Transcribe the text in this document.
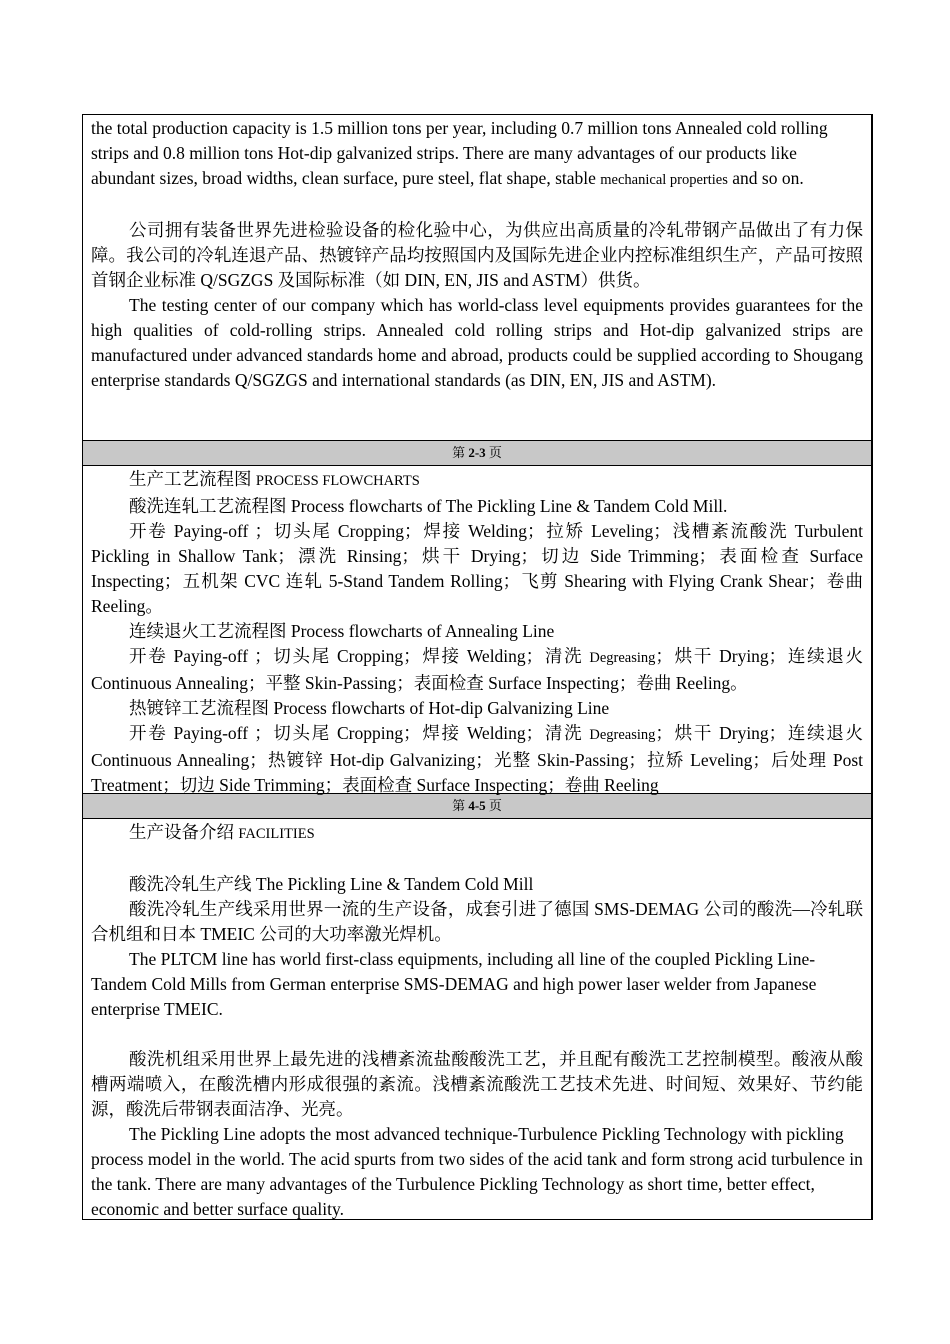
the total production capacity is 1.5 million tons per year, including 0.7 million tons Annealed cold rolling strips and 0.8 million tons Hot-dip galvanized strips. There are many advantages of our products like abundant sizes, broad widths, clean surface, pure steel, flat shape, stable mechanical properties and so on.

公司拥有装备世界先进检验设备的检化验中心，为供应出高质量的冷轧带钢产品做出了有力保障。我公司的冷轧连退产品、热镀锌产品均按照国内及国际先进企业内控标准组织生产，产品可按照首钢企业标准 Q/SGZGS 及国际标准（如 DIN, EN, JIS and ASTM）供货。

The testing center of our company which has world-class level equipments provides guarantees for the high qualities of cold-rolling strips. Annealed cold rolling strips and Hot-dip galvanized strips are manufactured under advanced standards home and abroad, products could be supplied according to Shougang enterprise standards Q/SGZGS and international standards (as DIN, EN, JIS and ASTM).

第 2-3 页

生产工艺流程图 PROCESS FLOWCHARTS

酸洗连轧工艺流程图 Process flowcharts of The Pickling Line & Tandem Cold Mill.

开卷 Paying-off ；切头尾 Cropping；焊接 Welding；拉矫 Leveling；浅槽紊流酸洗 Turbulent Pickling in Shallow Tank；漂洗 Rinsing；烘干 Drying；切边 Side Trimming；表面检查 Surface Inspecting；五机架 CVC 连轧 5-Stand Tandem Rolling；飞剪 Shearing with Flying Crank Shear；卷曲 Reeling。

连续退火工艺流程图 Process flowcharts of Annealing Line

开卷 Paying-off ；切头尾 Cropping；焊接 Welding；清洗 Degreasing；烘干 Drying；连续退火 Continuous Annealing；平整 Skin-Passing；表面检查 Surface Inspecting；卷曲 Reeling。

热镀锌工艺流程图 Process flowcharts of Hot-dip Galvanizing Line

开卷 Paying-off ；切头尾 Cropping；焊接 Welding；清洗 Degreasing；烘干 Drying；连续退火 Continuous Annealing；热镀锌 Hot-dip Galvanizing；光整 Skin-Passing；拉矫 Leveling；后处理 Post Treatment；切边 Side Trimming；表面检查 Surface Inspecting；卷曲 Reeling

第 4-5 页

生产设备介绍 FACILITIES

酸洗冷轧生产线 The Pickling Line & Tandem Cold Mill

酸洗冷轧生产线采用世界一流的生产设备，成套引进了德国 SMS-DEMAG 公司的酸洗—冷轧联合机组和日本 TMEIC 公司的大功率激光焊机。

The PLTCM line has world first-class equipments, including all line of the coupled Pickling Line-Tandem Cold Mills from German enterprise SMS-DEMAG and high power laser welder from Japanese enterprise TMEIC.

酸洗机组采用世界上最先进的浅槽紊流盐酸酸洗工艺，并且配有酸洗工艺控制模型。酸液从酸槽两端喷入，在酸洗槽内形成很强的紊流。浅槽紊流酸洗工艺技术先进、时间短、效果好、节约能源，酸洗后带钢表面洁净、光亮。

The Pickling Line adopts the most advanced technique-Turbulence Pickling Technology with pickling process model in the world. The acid spurts from two sides of the acid tank and form strong acid turbulence in the tank. There are many advantages of the Turbulence Pickling Technology as short time, better effect, economic and better surface quality.
